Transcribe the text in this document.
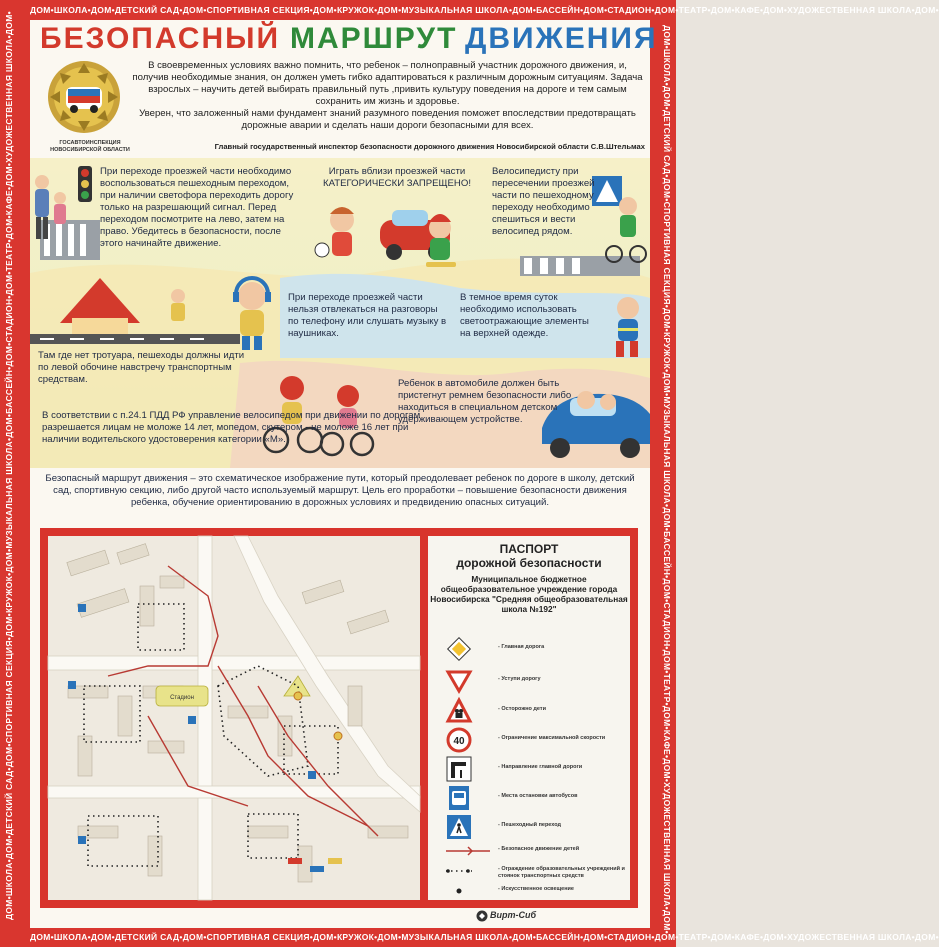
ДОМ•ШКОЛА•ДОМ•ДЕТСКИЙ САД•ДОМ•СПОРТИВНАЯ СЕКЦИЯ•ДОМ•КРУЖОК•ДОМ•МУЗЫКАЛЬНАЯ ШКОЛА•ДОМ•БАССЕЙН•ДОМ•СТАДИОН•ДОМ•ТЕАТР•ДОМ•КАФЕ•ДОМ•ХУДОЖЕСТВЕННАЯ ШКОЛА•ДОМ•
ДОМ•ШКОЛА•ДОМ•ДЕТСКИЙ САД•ДОМ•СПОРТИВНАЯ СЕКЦИЯ•ДОМ•КРУЖОК•ДОМ•МУЗЫКАЛЬНАЯ ШКОЛА•ДОМ•БАССЕЙН•ДОМ•СТАДИОН•ДОМ•ТЕАТР•ДОМ•КАФЕ•ДОМ•ХУДОЖЕСТВЕННАЯ ШКОЛА•ДОМ•
ДОМ•ШКОЛА•ДОМ•ДЕТСКИЙ САД•ДОМ•СПОРТИВНАЯ СЕКЦИЯ•ДОМ•КРУЖОК•ДОМ•МУЗЫКАЛЬНАЯ ШКОЛА•ДОМ•БАССЕЙН•ДОМ•СТАДИОН•ДОМ•ТЕАТР•ДОМ•КАФЕ•ДОМ•ХУДОЖЕСТВЕННАЯ ШКОЛА•ДОМ•	ДОМ•ШКОЛА•ДОМ•ДЕТСКИЙ САД•ДОМ•СПОРТИВНАЯ СЕКЦИЯ•ДОМ•КРУЖОК•ДОМ•МУЗЫКАЛЬНАЯ ШКОЛА•ДОМ•БАССЕЙН•ДОМ•СТАДИОН•ДОМ•ТЕАТР•ДОМ•КАФЕ•ДОМ•ХУДОЖЕСТВЕННАЯ ШКОЛА•ДОМ•
БЕЗОПАСНЫЙ МАРШРУТ ДВИЖЕНИЯ
ГОСАВТОИНСПЕКЦИЯ НОВОСИБИРСКОЙ ОБЛАСТИ
В своевременных условиях важно помнить, что ребенок – полноправный участник дорожного движения, и, получив необходимые знания, он должен уметь гибко адаптироваться к различным дорожным ситуациям. Задача взрослых – научить детей выбирать правильный путь ,привить культуру поведения на дороге и тем самым сохранить им жизнь и здоровье.
Уверен, что заложенный нами фундамент знаний разумного поведения поможет впоследствии предотвращать дорожные аварии и сделать наши дороги безопасными для всех.
Главный государственный инспектор безопасности дорожного движения Новосибирской области С.В.Штельмах
При переходе проезжей части необходимо воспользоваться пешеходным переходом, при наличии светофора переходить дорогу только на разрешающий сигнал. Перед переходом посмотрите на лево, затем на право. Убедитесь в безопасности, после этого начинайте движение.
Играть вблизи проезжей части
КАТЕГОРИЧЕСКИ ЗАПРЕЩЕНО!
Велосипедисту при пересечении проезжей части по пешеходному переходу необходимо спешиться и вести велосипед рядом.
Там где нет тротуара, пешеходы должны идти по левой обочине навстречу транспортным средствам.
При переходе проезжей части нельзя отвлекаться на разговоры по телефону или слушать музыку в наушниках.
В темное время суток необходимо использовать светоотражающие элементы на верхней одежде.
В соответствии с п.24.1 ПДД РФ управление велосипедом при движении по дорогам разрешается лицам не моложе 14 лет, мопедом, скутером - не моложе 16 лет при наличии водительского удостоверения категории «М».
Ребенок в автомобиле должен быть пристегнут ремнем безопасности либо находиться в специальном детском удерживающем устройстве.
Безопасный маршрут движения – это схематическое изображение пути, который преодолевает ребенок по дороге в школу, детский сад, спортивную секцию, либо другой часто используемый маршрут. Цель его проработки – повышение безопасности движения ребенка, обучение ориентированию в дорожных условиях и предвидению опасных ситуаций.
Стадион
ПАСПОРТ
дорожной безопасности
Муниципальное бюджетное общеобразовательное учреждение города Новосибирска "Средняя общеобразовательная школа №192"
- Главная дорога
- Уступи дорогу
- Осторожно дети
40	- Ограничение максимальной скорости
- Направление главной дороги
- Места остановки автобусов
- Пешеходный переход
- Безопасное движение детей
- Ограждение образовательных учреждений и стоянок транспортных средств
- Искусственное освещение
Вирт-Сиб
